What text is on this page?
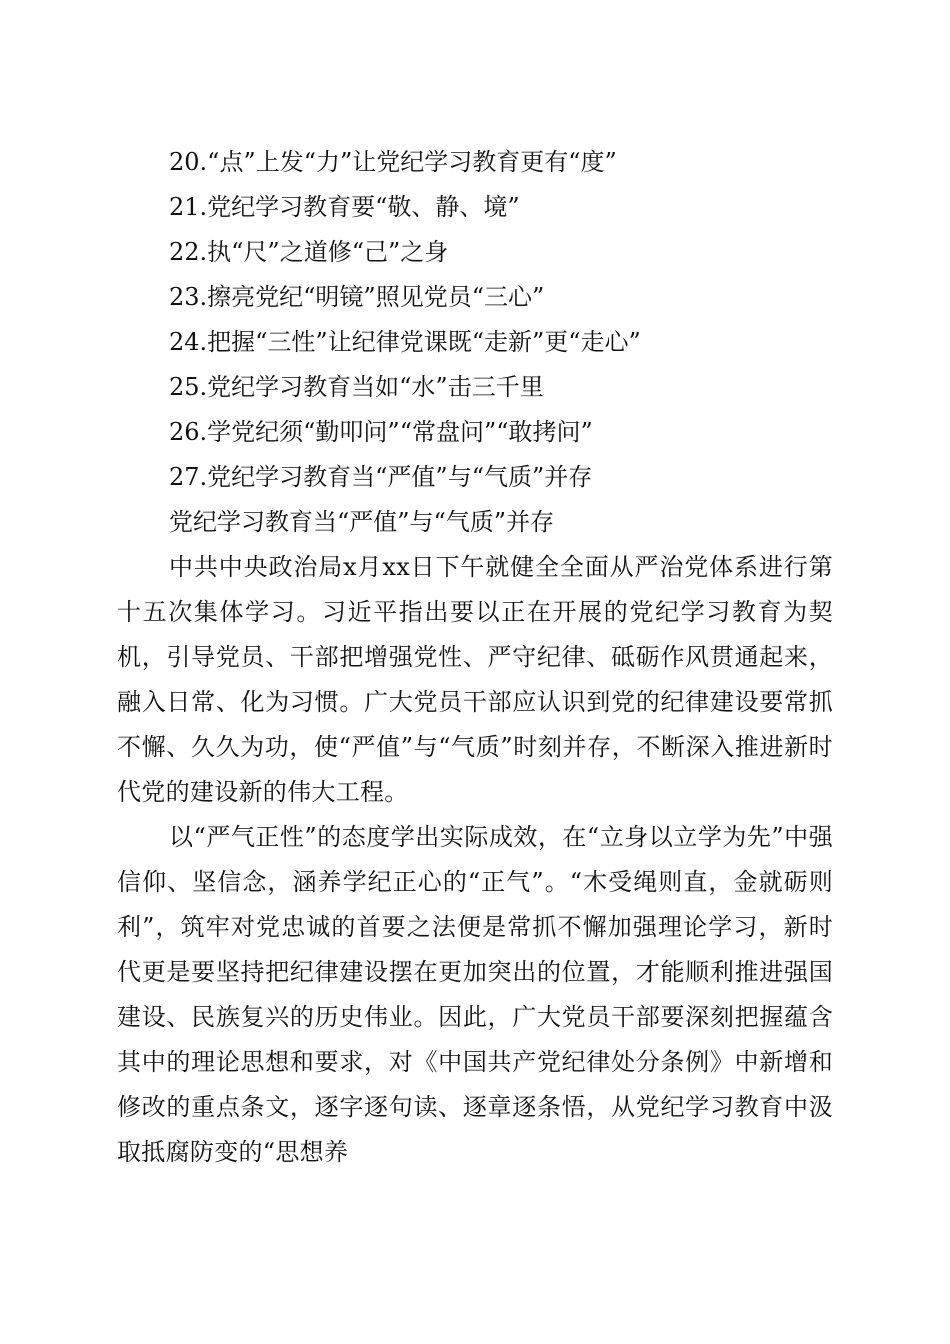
20.“点”上发“力”让党纪学习教育更有“度”
21.党纪学习教育要“敬、静、境”
22.执“尺”之道修“己”之身
23.擦亮党纪“明镜”照见党员“三心”
24.把握“三性”让纪律党课既“走新”更“走心”
25.党纪学习教育当如“水”击三千里
26.学党纪须“勤叩问”“常盘问”“敢拷问”
27.党纪学习教育当“严值”与“气质”并存
党纪学习教育当“严值”与“气质”并存

中共中央政治局x月xx日下午就健全全面从严治党体系进行第十五次集体学习。习近平指出要以正在开展的党纪学习教育为契机，引导党员、干部把增强党性、严守纪律、砥砺作风贯通起来，融入日常、化为习惯。广大党员干部应认识到党的纪律建设要常抓不懈、久久为功，使“严值”与“气质”时刻并存，不断深入推进新时代党的建设新的伟大工程。

以“严气正性”的态度学出实际成效，在“立身以立学为先”中强信仰、坚信念，涵养学纪正心的“正气”。“木受绳则直，金就砺则利”，筑牢对党忠诚的首要之法便是常抓不懈加强理论学习，新时代更是要坚持把纪律建设摆在更加突出的位置，才能顺利推进强国建设、民族复兴的历史伟业。因此，广大党员干部要深刻把握蕴含其中的理论思想和要求，对《中国共产党纪律处分条例》中新增和修改的重点条文，逐字逐句读、逐章逐条悟，从党纪学习教育中汲取抵腐防变的“思想养
